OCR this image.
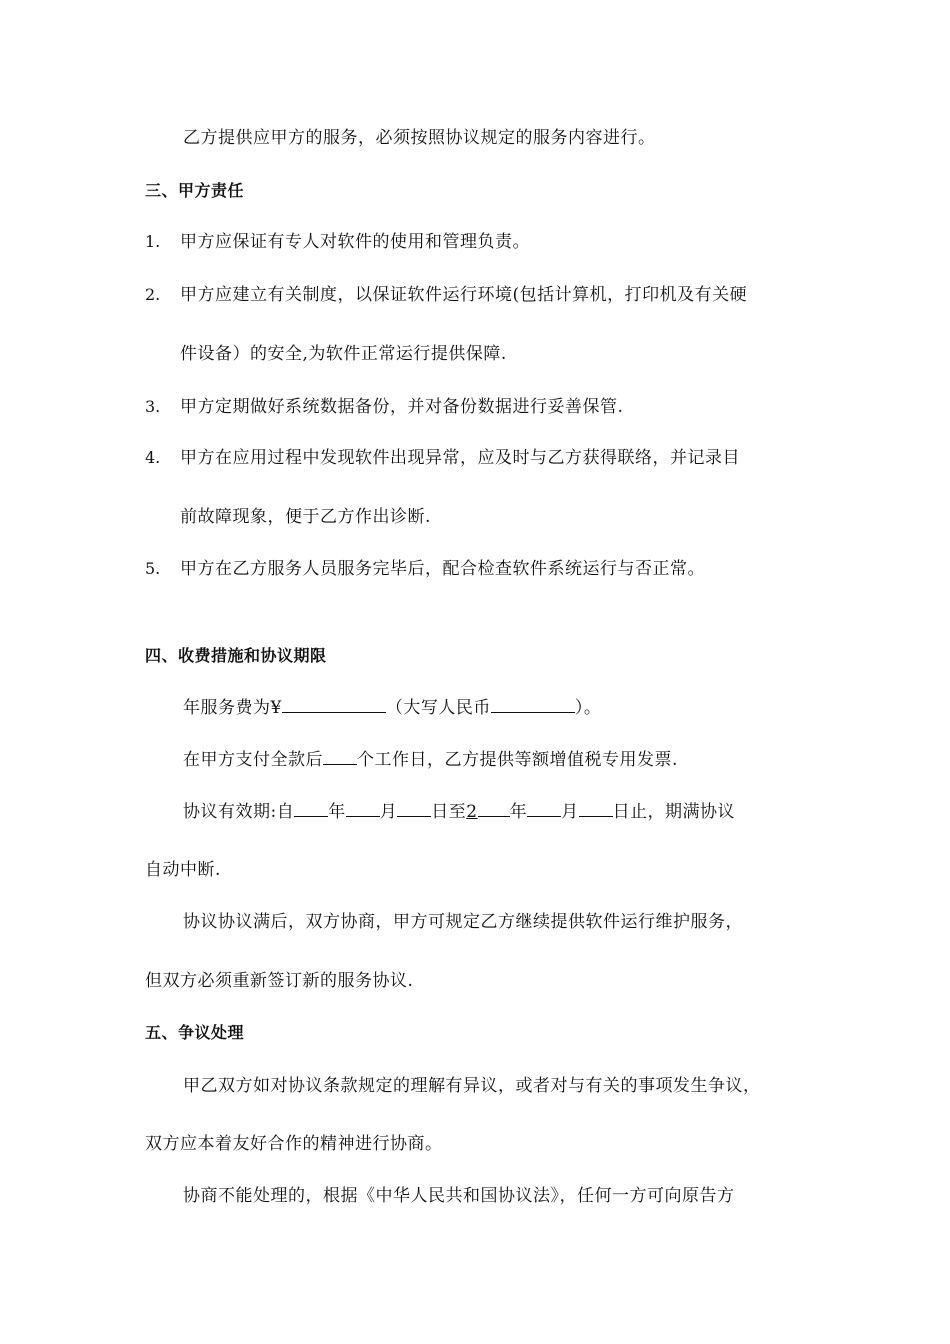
乙方提供应甲方的服务，必须按照协议规定的服务内容进行。
三、甲方责任
1. 甲方应保证有专人对软件的使用和管理负责。
2. 甲方应建立有关制度，以保证软件运行环境(包括计算机，打印机及有关硬
件设备）的安全,为软件正常运行提供保障.
3. 甲方定期做好系统数据备份，并对备份数据进行妥善保管.
4. 甲方在应用过程中发现软件出现异常，应及时与乙方获得联络，并记录目
前故障现象，便于乙方作出诊断.
5. 甲方在乙方服务人员服务完毕后，配合检查软件系统运行与否正常。
四、收费措施和协议期限
年服务费为¥	（大写人民币	）。
在甲方支付全款后 个工作日，乙方提供等额增值税专用发票.
协议有效期:自 年 月 日至2 年 月 日止，期满协议
自动中断.
协议协议满后，双方协商，甲方可规定乙方继续提供软件运行维护服务，
但双方必须重新签订新的服务协议.
五、争议处理
甲乙双方如对协议条款规定的理解有异议，或者对与有关的事项发生争议，
双方应本着友好合作的精神进行协商。
协商不能处理的，根据《中华人民共和国协议法》，任何一方可向原告方
